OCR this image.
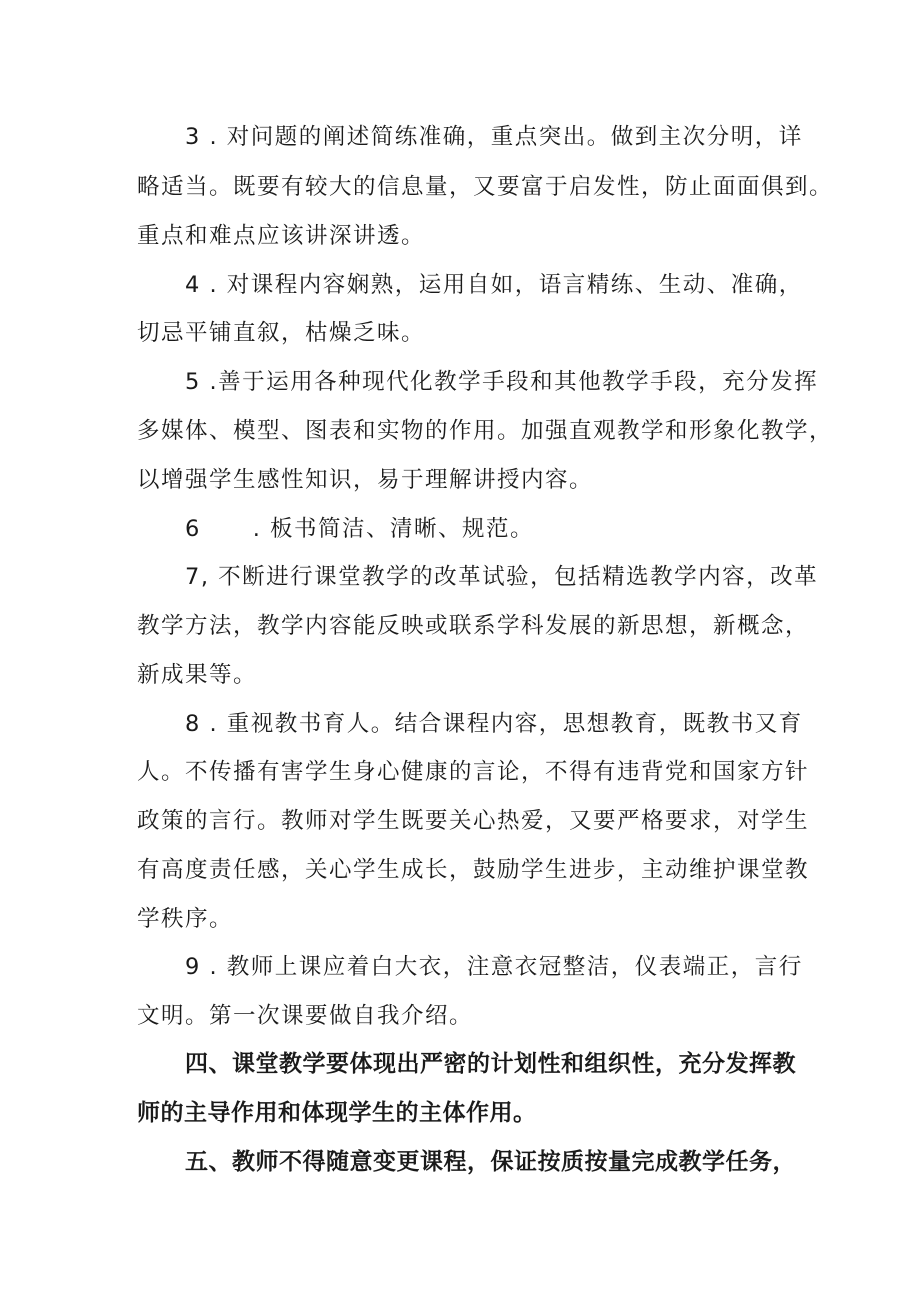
3 . 对问题的阐述简练准确，重点突出。做到主次分明，详
略适当。既要有较大的信息量，又要富于启发性，防止面面俱到。
重点和难点应该讲深讲透。
4 . 对课程内容娴熟，运用自如，语言精练、生动、准确，
切忌平铺直叙，枯燥乏味。
5 .善于运用各种现代化教学手段和其他教学手段，充分发挥
多媒体、模型、图表和实物的作用。加强直观教学和形象化教学，
以增强学生感性知识，易于理解讲授内容。
6      . 板书简洁、清晰、规范。
7, 不断进行课堂教学的改革试验，包括精选教学内容，改革
教学方法，教学内容能反映或联系学科发展的新思想，新概念，
新成果等。
8 . 重视教书育人。结合课程内容，思想教育，既教书又育
人。不传播有害学生身心健康的言论，不得有违背党和国家方针
政策的言行。教师对学生既要关心热爱，又要严格要求，对学生
有高度责任感，关心学生成长，鼓励学生进步，主动维护课堂教
学秩序。
9 . 教师上课应着白大衣，注意衣冠整洁，仪表端正，言行
文明。第一次课要做自我介绍。
四、课堂教学要体现出严密的计划性和组织性，充分发挥教
师的主导作用和体现学生的主体作用。
五、教师不得随意变更课程，保证按质按量完成教学任务，
